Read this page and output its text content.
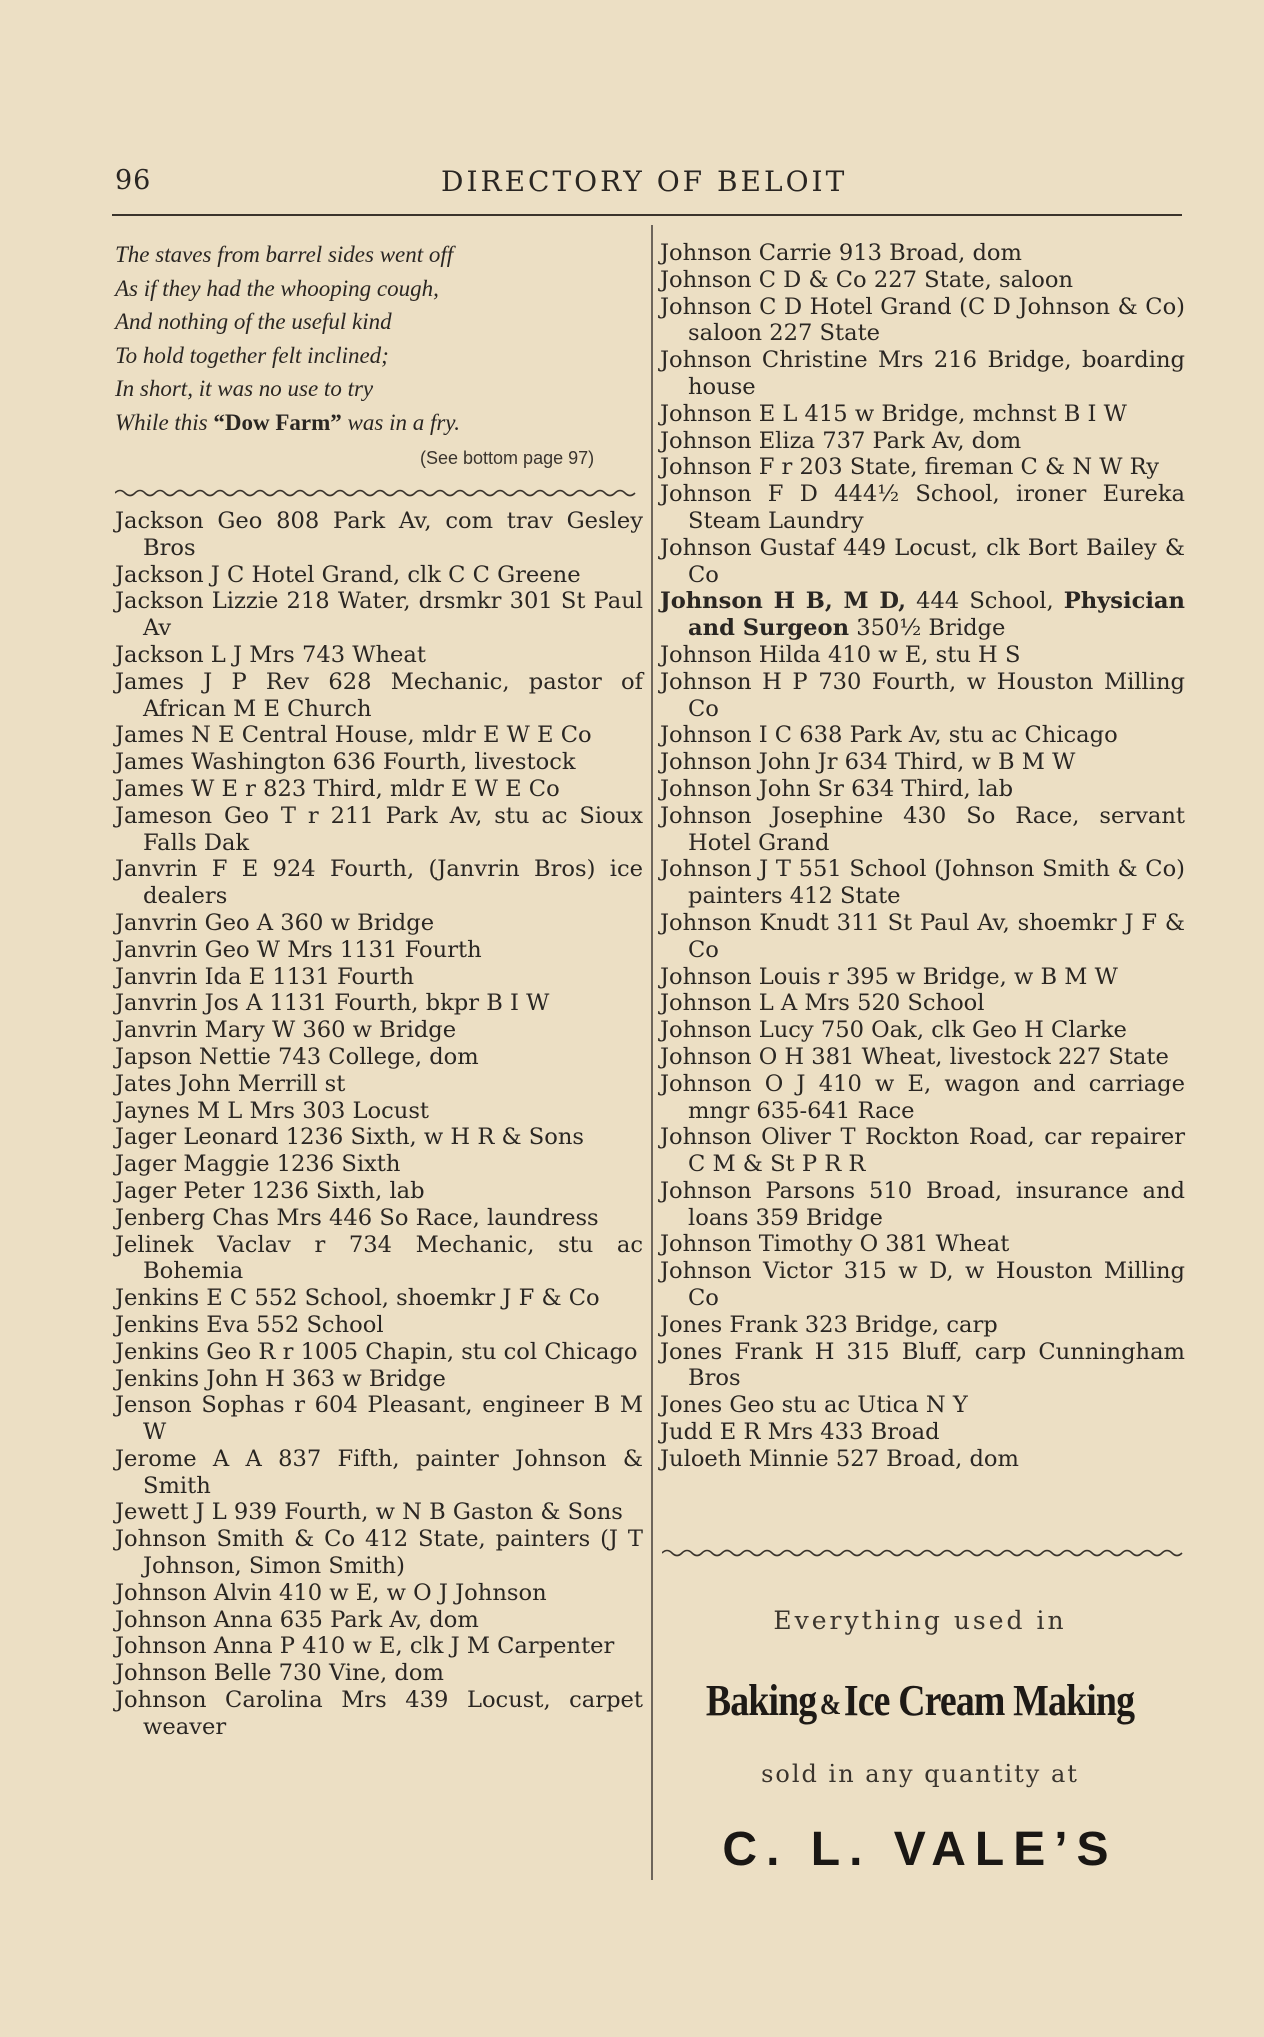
96	DIRECTORY OF BELOIT
The staves from barrel sides went off
As if they had the whooping cough,
And nothing of the useful kind
To hold together felt inclined;
In short, it was no use to try
While this “Dow Farm” was in a fry.
(See bottom page 97)
Jackson Geo 808 Park Av, com trav Gesley Bros
Jackson J C Hotel Grand, clk C C Greene
Jackson Lizzie 218 Water, drsmkr 301 St Paul Av
Jackson L J Mrs 743 Wheat
James J P Rev 628 Mechanic, pastor of African M E Church
James N E Central House, mldr E W E Co
James Washington 636 Fourth, livestock
James W E r 823 Third, mldr E W E Co
Jameson Geo T r 211 Park Av, stu ac Sioux Falls Dak
Janvrin F E 924 Fourth, (Janvrin Bros) ice dealers
Janvrin Geo A 360 w Bridge
Janvrin Geo W Mrs 1131 Fourth
Janvrin Ida E 1131 Fourth
Janvrin Jos A 1131 Fourth, bkpr B I W
Janvrin Mary W 360 w Bridge
Japson Nettie 743 College, dom
Jates John Merrill st
Jaynes M L Mrs 303 Locust
Jager Leonard 1236 Sixth, w H R & Sons
Jager Maggie 1236 Sixth
Jager Peter 1236 Sixth, lab
Jenberg Chas Mrs 446 So Race, laundress
Jelinek Vaclav r 734 Mechanic, stu ac Bohemia
Jenkins E C 552 School, shoemkr J F & Co
Jenkins Eva 552 School
Jenkins Geo R r 1005 Chapin, stu col Chicago
Jenkins John H 363 w Bridge
Jenson Sophas r 604 Pleasant, engineer B M W
Jerome A A 837 Fifth, painter Johnson & Smith
Jewett J L 939 Fourth, w N B Gaston & Sons
Johnson Smith & Co 412 State, painters (J T Johnson, Simon Smith)
Johnson Alvin 410 w E, w O J Johnson
Johnson Anna 635 Park Av, dom
Johnson Anna P 410 w E, clk J M Carpenter
Johnson Belle 730 Vine, dom
Johnson Carolina Mrs 439 Locust, carpet weaver
Johnson Carrie 913 Broad, dom
Johnson C D & Co 227 State, saloon
Johnson C D Hotel Grand (C D Johnson & Co) saloon 227 State
Johnson Christine Mrs 216 Bridge, boarding house
Johnson E L 415 w Bridge, mchnst B I W
Johnson Eliza 737 Park Av, dom
Johnson F r 203 State, fireman C & N W Ry
Johnson F D 444½ School, ironer Eureka Steam Laundry
Johnson Gustaf 449 Locust, clk Bort Bailey & Co
Johnson H B, M D, 444 School, Physician and Surgeon 350½ Bridge
Johnson Hilda 410 w E, stu H S
Johnson H P 730 Fourth, w Houston Milling Co
Johnson I C 638 Park Av, stu ac Chicago
Johnson John Jr 634 Third, w B M W
Johnson John Sr 634 Third, lab
Johnson Josephine 430 So Race, servant Hotel Grand
Johnson J T 551 School (Johnson Smith & Co) painters 412 State
Johnson Knudt 311 St Paul Av, shoemkr J F & Co
Johnson Louis r 395 w Bridge, w B M W
Johnson L A Mrs 520 School
Johnson Lucy 750 Oak, clk Geo H Clarke
Johnson O H 381 Wheat, livestock 227 State
Johnson O J 410 w E, wagon and carriage mngr 635-641 Race
Johnson Oliver T Rockton Road, car repairer C M & St P R R
Johnson Parsons 510 Broad, insurance and loans 359 Bridge
Johnson Timothy O 381 Wheat
Johnson Victor 315 w D, w Houston Milling Co
Jones Frank 323 Bridge, carp
Jones Frank H 315 Bluff, carp Cunningham Bros
Jones Geo stu ac Utica N Y
Judd E R Mrs 433 Broad
Juloeth Minnie 527 Broad, dom
Everything used in
Baking &Ice Cream Making
sold in any quantity at
C. L. VALE’S
